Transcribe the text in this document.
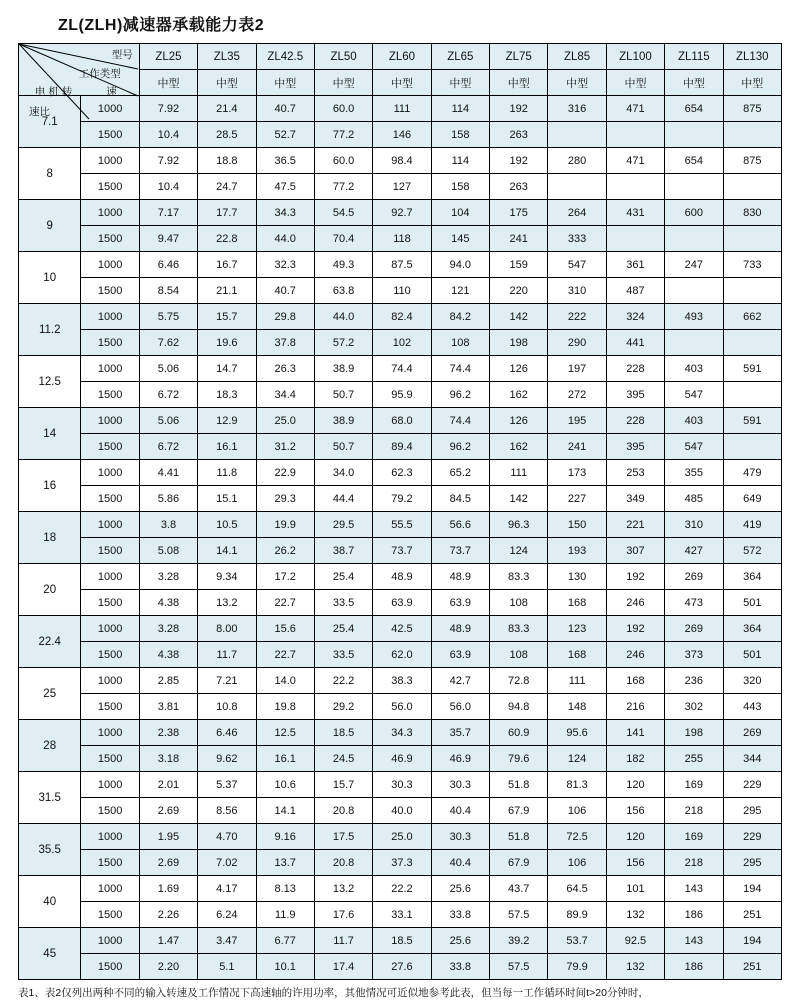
ZL(ZLH)减速器承载能力表2
型号
工作类型
电 机 转 速
速比		ZL25	ZL35	ZL42.5	ZL50	ZL60	ZL65	ZL75	ZL85	ZL100	ZL115	ZL130
		中型	中型	中型	中型	中型	中型	中型	中型	中型	中型	中型
7.1	1000	7.92	21.4	40.7	60.0	111	114	192	316	471	654	875
	1500	10.4	28.5	52.7	77.2	146	158	263				
8	1000	7.92	18.8	36.5	60.0	98.4	114	192	280	471	654	875
	1500	10.4	24.7	47.5	77.2	127	158	263				
9	1000	7.17	17.7	34.3	54.5	92.7	104	175	264	431	600	830
	1500	9.47	22.8	44.0	70.4	118	145	241	333			
10	1000	6.46	16.7	32.3	49.3	87.5	94.0	159	547	361	247	733
	1500	8.54	21.1	40.7	63.8	110	121	220	310	487		
11.2	1000	5.75	15.7	29.8	44.0	82.4	84.2	142	222	324	493	662
	1500	7.62	19.6	37.8	57.2	102	108	198	290	441		
12.5	1000	5.06	14.7	26.3	38.9	74.4	74.4	126	197	228	403	591
	1500	6.72	18.3	34.4	50.7	95.9	96.2	162	272	395	547	
14	1000	5.06	12.9	25.0	38.9	68.0	74.4	126	195	228	403	591
	1500	6.72	16.1	31.2	50.7	89.4	96.2	162	241	395	547	
16	1000	4.41	11.8	22.9	34.0	62.3	65.2	111	173	253	355	479
	1500	5.86	15.1	29.3	44.4	79.2	84.5	142	227	349	485	649
18	1000	3.8	10.5	19.9	29.5	55.5	56.6	96.3	150	221	310	419
	1500	5.08	14.1	26.2	38.7	73.7	73.7	124	193	307	427	572
20	1000	3.28	9.34	17.2	25.4	48.9	48.9	83.3	130	192	269	364
	1500	4.38	13.2	22.7	33.5	63.9	63.9	108	168	246	473	501
22.4	1000	3.28	8.00	15.6	25.4	42.5	48.9	83.3	123	192	269	364
	1500	4.38	11.7	22.7	33.5	62.0	63.9	108	168	246	373	501
25	1000	2.85	7.21	14.0	22.2	38.3	42.7	72.8	111	168	236	320
	1500	3.81	10.8	19.8	29.2	56.0	56.0	94.8	148	216	302	443
28	1000	2.38	6.46	12.5	18.5	34.3	35.7	60.9	95.6	141	198	269
	1500	3.18	9.62	16.1	24.5	46.9	46.9	79.6	124	182	255	344
31.5	1000	2.01	5.37	10.6	15.7	30.3	30.3	51.8	81.3	120	169	229
	1500	2.69	8.56	14.1	20.8	40.0	40.4	67.9	106	156	218	295
35.5	1000	1.95	4.70	9.16	17.5	25.0	30.3	51.8	72.5	120	169	229
	1500	2.69	7.02	13.7	20.8	37.3	40.4	67.9	106	156	218	295
40	1000	1.69	4.17	8.13	13.2	22.2	25.6	43.7	64.5	101	143	194
	1500	2.26	6.24	11.9	17.6	33.1	33.8	57.5	89.9	132	186	251
45	1000	1.47	3.47	6.77	11.7	18.5	25.6	39.2	53.7	92.5	143	194
	1500	2.20	5.1	10.1	17.4	27.6	33.8	57.5	79.9	132	186	251
表1、表2仅列出两种不同的输入转速及工作情况下高速轴的许用功率，其他情况可近似地参考此表，但当每一工作循环时间t>20分钟时，
